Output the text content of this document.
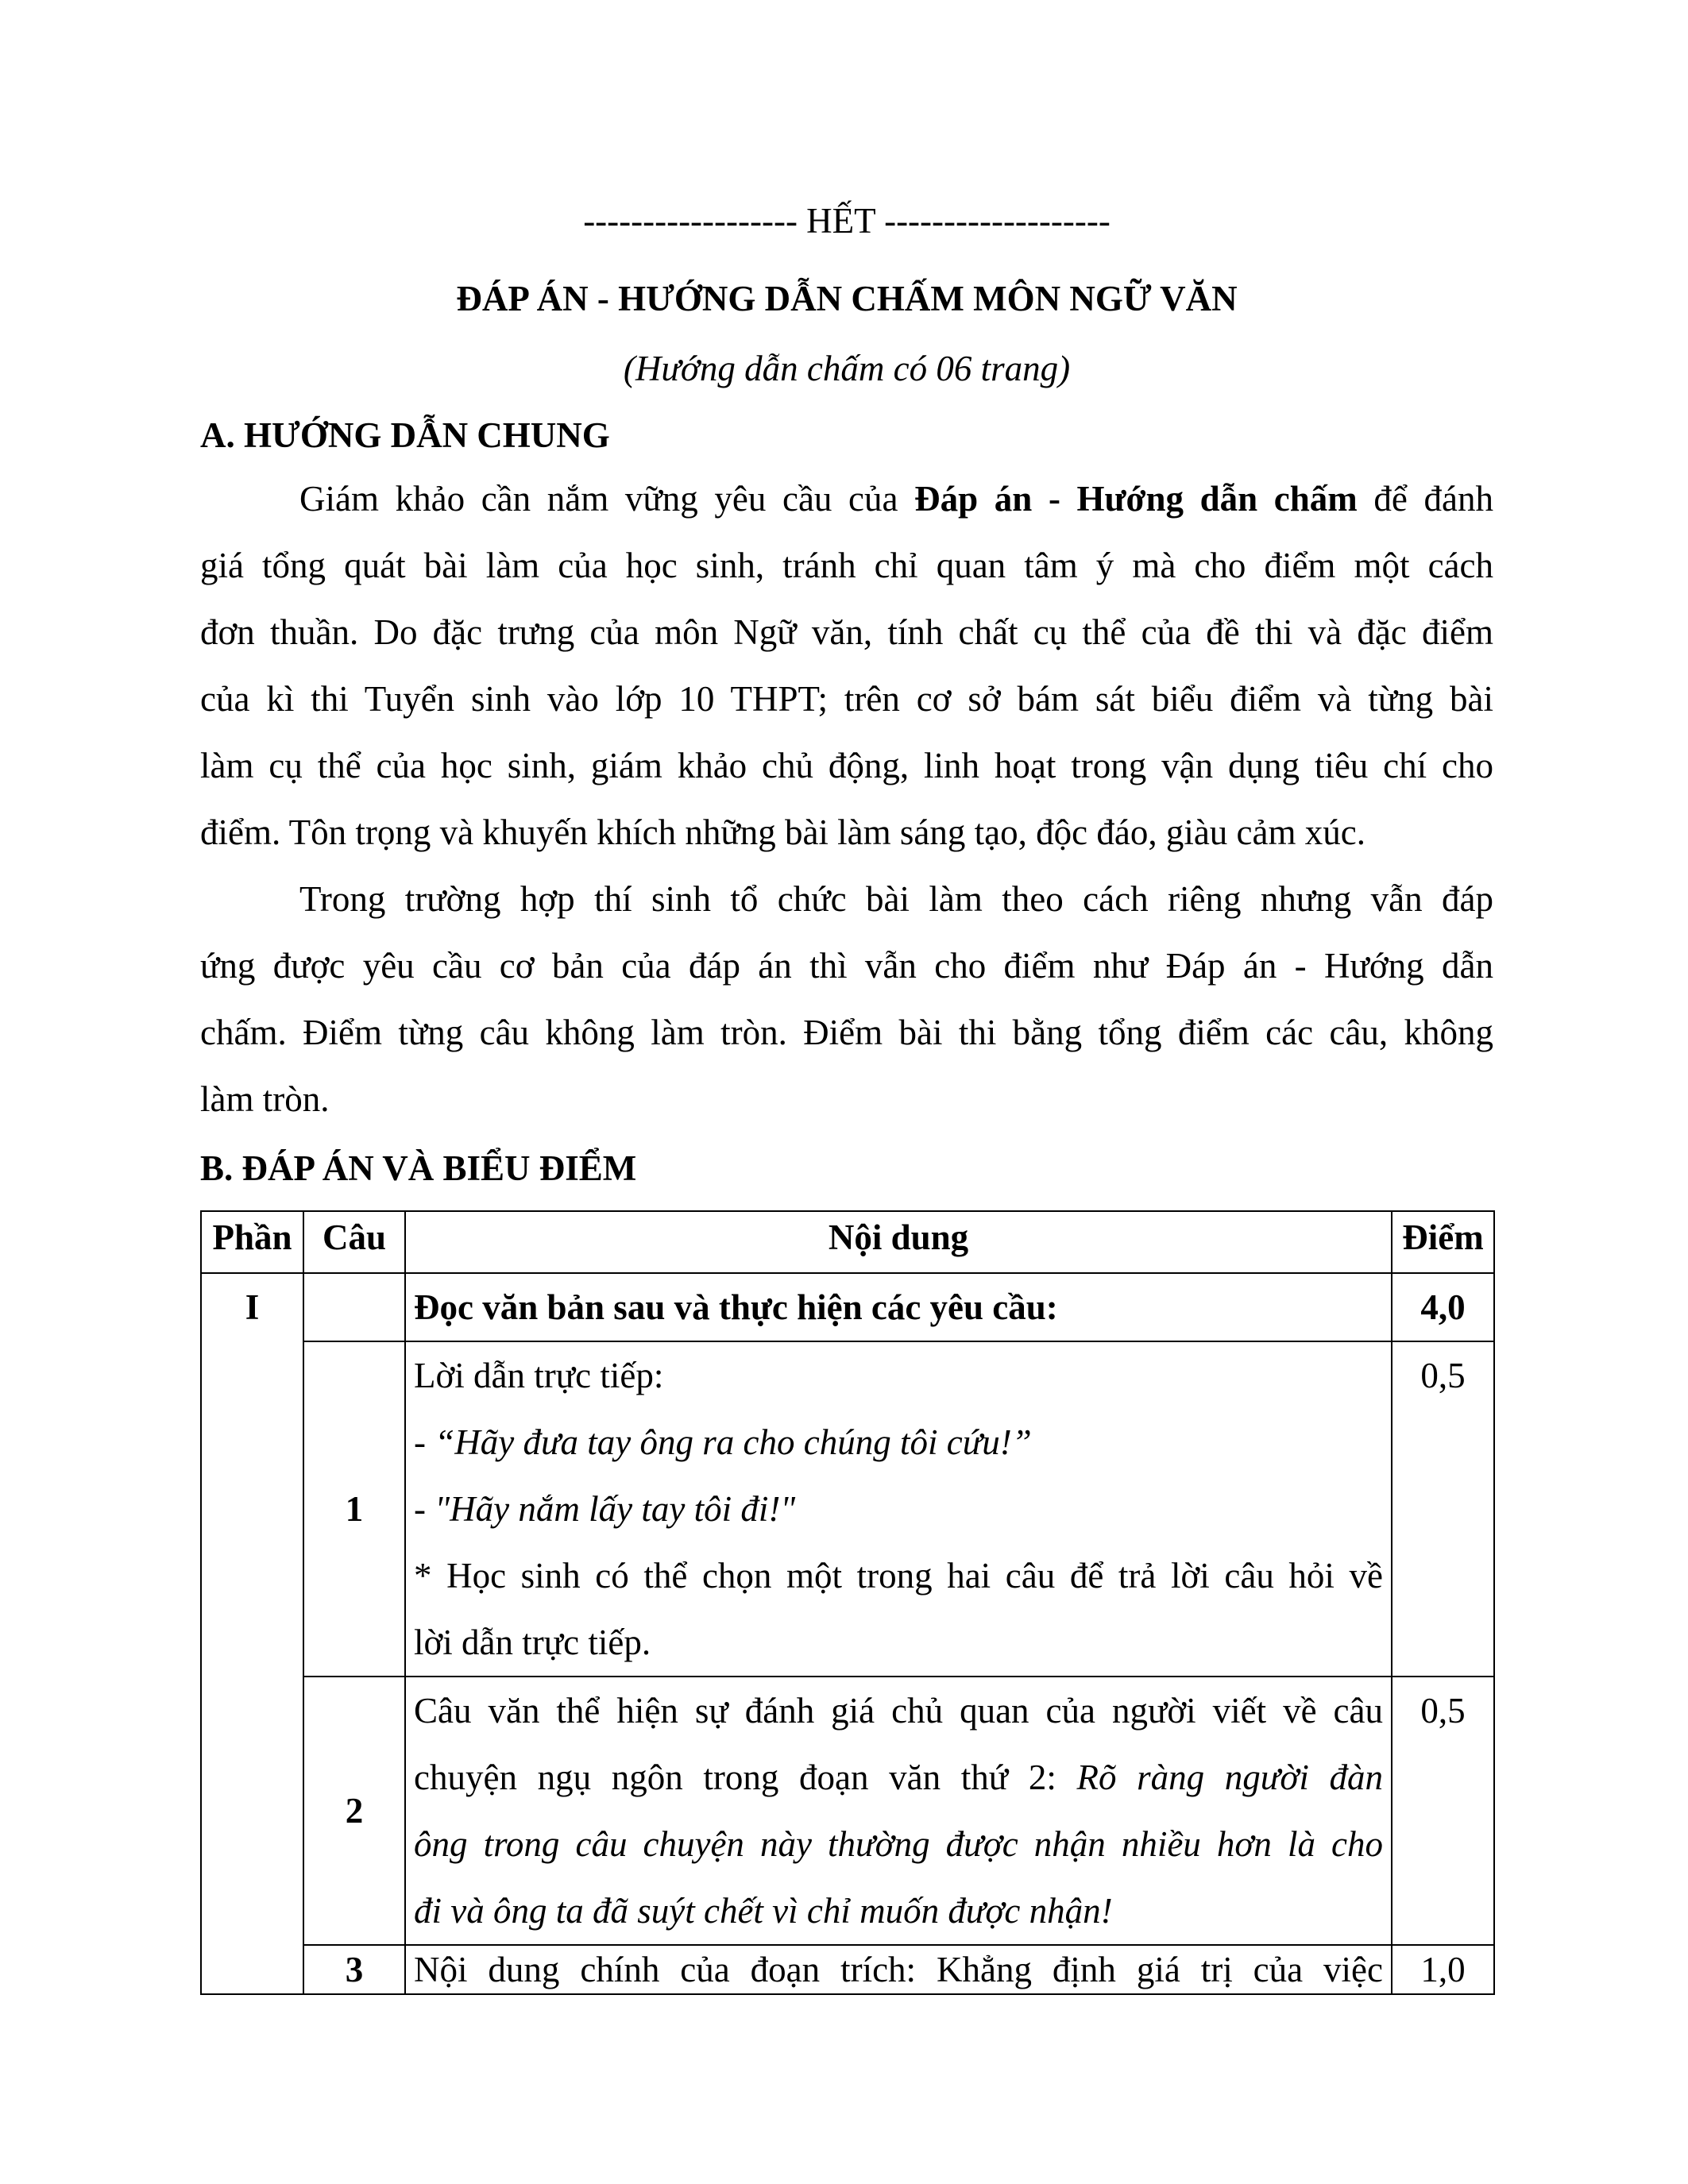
------------------ HẾT -------------------
ĐÁP ÁN - HƯỚNG DẪN CHẤM MÔN NGỮ VĂN
(Hướng dẫn chấm có 06 trang)
A. HƯỚNG DẪN CHUNG
Giám khảo cần nắm vững yêu cầu của Đáp án - Hướng dẫn chấm để đánh
giá tổng quát bài làm của học sinh, tránh chỉ quan tâm ý mà cho điểm một cách
đơn thuần. Do đặc trưng của môn Ngữ văn, tính chất cụ thể của đề thi và đặc điểm
của kì thi Tuyển sinh vào lớp 10 THPT; trên cơ sở bám sát biểu điểm và từng bài
làm cụ thể của học sinh, giám khảo chủ động, linh hoạt trong vận dụng tiêu chí cho
điểm. Tôn trọng và khuyến khích những bài làm sáng tạo, độc đáo, giàu cảm xúc.
Trong trường hợp thí sinh tổ chức bài làm theo cách riêng nhưng vẫn đáp
ứng được yêu cầu cơ bản của đáp án thì vẫn cho điểm như Đáp án - Hướng dẫn
chấm. Điểm từng câu không làm tròn. Điểm bài thi bằng tổng điểm các câu, không
làm tròn.
B. ĐÁP ÁN VÀ BIỂU ĐIỂM
Phần	Câu	Nội dung	Điểm
I		Đọc văn bản sau và thực hiện các yêu cầu:	4,0
	1	Lời dẫn trực tiếp:
- “Hãy đưa tay ông ra cho chúng tôi cứu!”
- "Hãy nắm lấy tay tôi đi!"
* Học sinh có thể chọn một trong hai câu để trả lời câu hỏi về
lời dẫn trực tiếp.	0,5
	2	Câu văn thể hiện sự đánh giá chủ quan của người viết về câu
chuyện ngụ ngôn trong đoạn văn thứ 2: Rõ ràng người đàn
ông trong câu chuyện này thường được nhận nhiều hơn là cho
đi và ông ta đã suýt chết vì chỉ muốn được nhận!	0,5
	3	Nội dung chính của đoạn trích: Khẳng định giá trị của việc	1,0
